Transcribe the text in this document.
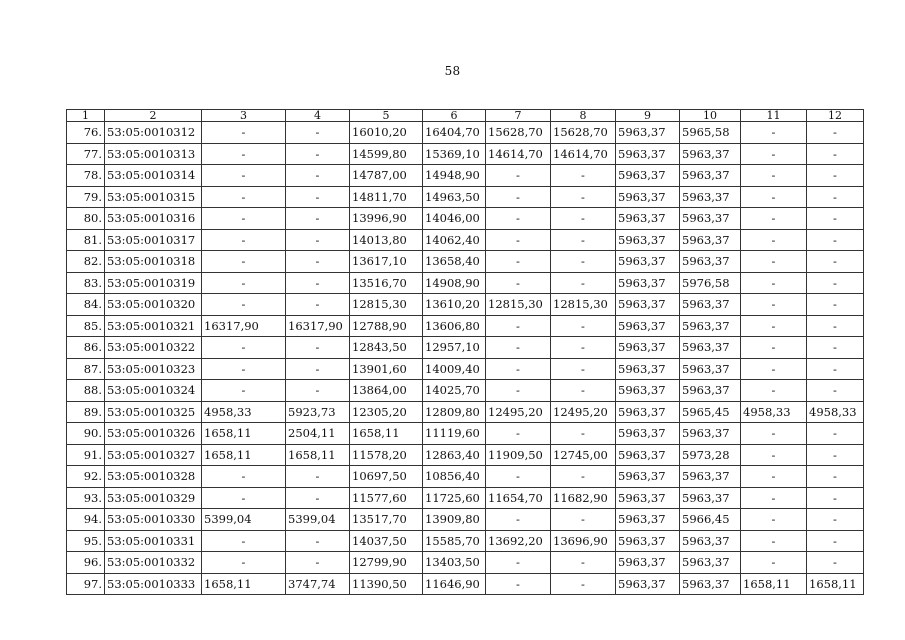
58
1	2	3	4	5	6	7	8	9	10	11	12
76.	53:05:0010312	-	-	16010,20	16404,70	15628,70	15628,70	5963,37	5965,58	-	-
77.	53:05:0010313	-	-	14599,80	15369,10	14614,70	14614,70	5963,37	5963,37	-	-
78.	53:05:0010314	-	-	14787,00	14948,90	-	-	5963,37	5963,37	-	-
79.	53:05:0010315	-	-	14811,70	14963,50	-	-	5963,37	5963,37	-	-
80.	53:05:0010316	-	-	13996,90	14046,00	-	-	5963,37	5963,37	-	-
81.	53:05:0010317	-	-	14013,80	14062,40	-	-	5963,37	5963,37	-	-
82.	53:05:0010318	-	-	13617,10	13658,40	-	-	5963,37	5963,37	-	-
83.	53:05:0010319	-	-	13516,70	14908,90	-	-	5963,37	5976,58	-	-
84.	53:05:0010320	-	-	12815,30	13610,20	12815,30	12815,30	5963,37	5963,37	-	-
85.	53:05:0010321	16317,90	16317,90	12788,90	13606,80	-	-	5963,37	5963,37	-	-
86.	53:05:0010322	-	-	12843,50	12957,10	-	-	5963,37	5963,37	-	-
87.	53:05:0010323	-	-	13901,60	14009,40	-	-	5963,37	5963,37	-	-
88.	53:05:0010324	-	-	13864,00	14025,70	-	-	5963,37	5963,37	-	-
89.	53:05:0010325	4958,33	5923,73	12305,20	12809,80	12495,20	12495,20	5963,37	5965,45	4958,33	4958,33
90.	53:05:0010326	1658,11	2504,11	1658,11	11119,60	-	-	5963,37	5963,37	-	-
91.	53:05:0010327	1658,11	1658,11	11578,20	12863,40	11909,50	12745,00	5963,37	5973,28	-	-
92.	53:05:0010328	-	-	10697,50	10856,40	-	-	5963,37	5963,37	-	-
93.	53:05:0010329	-	-	11577,60	11725,60	11654,70	11682,90	5963,37	5963,37	-	-
94.	53:05:0010330	5399,04	5399,04	13517,70	13909,80	-	-	5963,37	5966,45	-	-
95.	53:05:0010331	-	-	14037,50	15585,70	13692,20	13696,90	5963,37	5963,37	-	-
96.	53:05:0010332	-	-	12799,90	13403,50	-	-	5963,37	5963,37	-	-
97.	53:05:0010333	1658,11	3747,74	11390,50	11646,90	-	-	5963,37	5963,37	1658,11	1658,11
